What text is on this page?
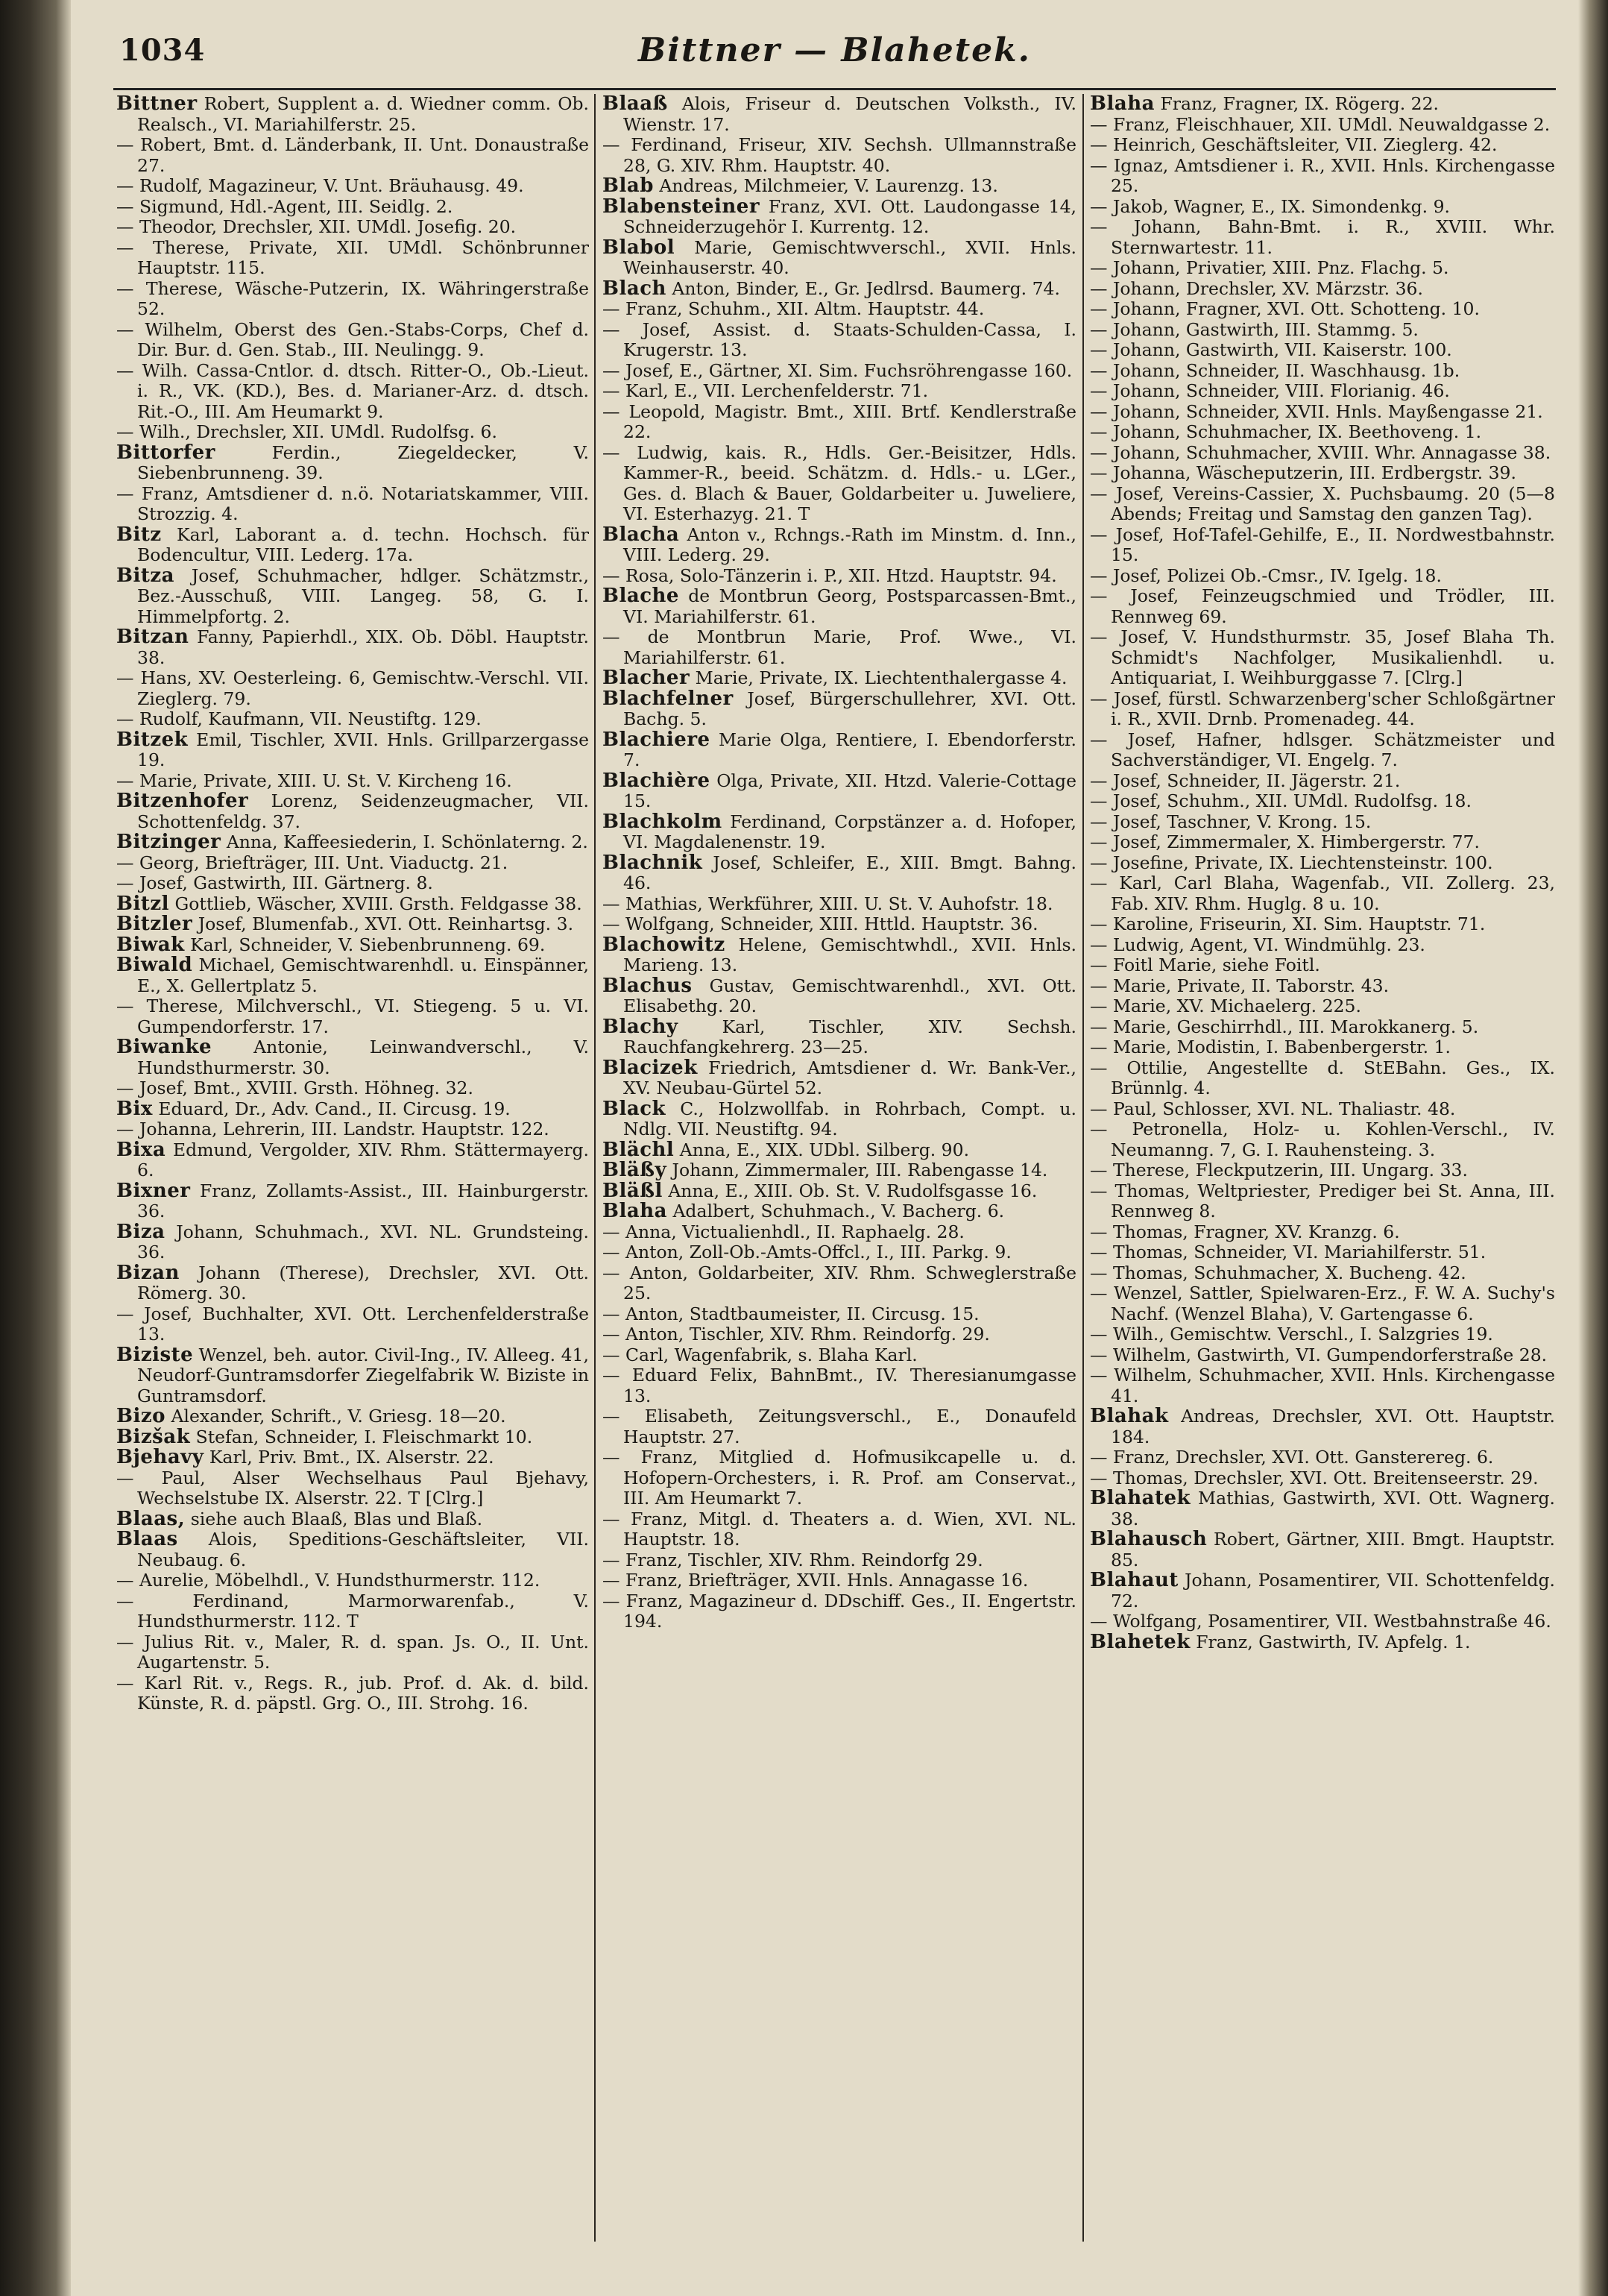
1034	Bittner — Blahetek.

Bittner Robert, Supplent a. d. Wiedner comm. Ob. Realsch., VI. Mariahilferstr. 25.

— Robert, Bmt. d. Länderbank, II. Unt. Donaustraße 27.

— Rudolf, Magazineur, V. Unt. Bräuhausg. 49.

— Sigmund, Hdl.-Agent, III. Seidlg. 2.

— Theodor, Drechsler, XII. UMdl. Josefig. 20.

— Therese, Private, XII. UMdl. Schönbrunner Hauptstr. 115.

— Therese, Wäsche-Putzerin, IX. Währingerstraße 52.

— Wilhelm, Oberst des Gen.-Stabs-Corps, Chef d. Dir. Bur. d. Gen. Stab., III. Neulingg. 9.

— Wilh. Cassa-Cntlor. d. dtsch. Ritter-O., Ob.-Lieut. i. R., VK. (KD.), Bes. d. Marianer-Arz. d. dtsch. Rit.-O., III. Am Heumarkt 9.

— Wilh., Drechsler, XII. UMdl. Rudolfsg. 6.

Bittorfer	Ferdin., Ziegeldecker, V. Siebenbrunneng. 39.

— Franz, Amtsdiener d. n.ö. Notariatskammer, VIII. Strozzig. 4.

Bitz Karl, Laborant a. d. techn. Hochsch. für Bodencultur, VIII. Lederg. 17a.

Bitza Josef, Schuhmacher, hdlger. Schätzmstr., Bez.-Ausschuß, VIII. Langeg. 58, G. I. Himmelpfortg. 2.

Bitzan Fanny, Papierhdl., XIX. Ob. Döbl. Hauptstr. 38.

— Hans, XV. Oesterleing. 6, Gemischtw.-Verschl. VII. Zieglerg. 79.

— Rudolf, Kaufmann, VII. Neustiftg. 129.

Bitzek Emil, Tischler, XVII. Hnls. Grillparzergasse 19.

— Marie, Private, XIII. U. St. V. Kircheng 16.

Bitzenhofer Lorenz, Seidenzeugmacher, VII. Schottenfeldg. 37.

Bitzinger Anna, Kaffeesiederin, I. Schönlaterng. 2.

— Georg, Briefträger, III. Unt. Viaductg. 21.

— Josef, Gastwirth, III. Gärtnerg. 8.

Bitzl Gottlieb, Wäscher, XVIII. Grsth. Feldgasse 38.

Bitzler Josef, Blumenfab., XVI. Ott. Reinhartsg. 3.

Biwak Karl, Schneider, V. Siebenbrunneng. 69.

Biwald Michael, Gemischtwarenhdl. u. Einspänner, E., X. Gellertplatz 5.

— Therese, Milchverschl., VI. Stiegeng. 5 u. VI. Gumpendorferstr. 17.

Biwanke Antonie, Leinwandverschl., V. Hundsthurmerstr. 30.

— Josef, Bmt., XVIII. Grsth. Höhneg. 32.

Bix Eduard, Dr., Adv. Cand., II. Circusg. 19.

— Johanna, Lehrerin, III. Landstr. Hauptstr. 122.

Bixa Edmund, Vergolder, XIV. Rhm. Stättermayerg. 6.

Bixner Franz, Zollamts-Assist., III. Hainburgerstr. 36.

Biza Johann, Schuhmach., XVI. NL. Grundsteing. 36.

Bizan Johann (Therese), Drechsler, XVI. Ott. Römerg. 30.

— Josef, Buchhalter, XVI. Ott. Lerchenfelderstraße 13.

Biziste Wenzel, beh. autor. Civil-Ing., IV. Alleeg. 41, Neudorf-Guntramsdorfer Ziegelfabrik W. Biziste in Guntramsdorf.

Bizo Alexander, Schrift., V. Griesg. 18—20.

Bizšak Stefan, Schneider, I. Fleischmarkt 10.

Bjehavy Karl, Priv. Bmt., IX. Alserstr. 22.

— Paul, Alser Wechselhaus Paul Bjehavy, Wechselstube IX. Alserstr. 22. T [Clrg.]

Blaas, siehe auch Blaaß, Blas und Blaß.

Blaas Alois, Speditions-Geschäftsleiter, VII. Neubaug. 6.

— Aurelie, Möbelhdl., V. Hundsthurmerstr. 112.

— Ferdinand, Marmorwarenfab., V. Hundsthurmerstr. 112. T

— Julius Rit. v., Maler, R. d. span. Js. O., II. Unt. Augartenstr. 5.

— Karl Rit. v., Regs. R., jub. Prof. d. Ak. d. bild. Künste, R. d. päpstl. Grg. O., III. Strohg. 16.

Blaaß Alois, Friseur d. Deutschen Volksth., IV. Wienstr. 17.

— Ferdinand, Friseur, XIV. Sechsh. Ullmannstraße 28, G. XIV. Rhm. Hauptstr. 40.

Blab Andreas, Milchmeier, V. Laurenzg. 13.

Blabensteiner Franz, XVI. Ott. Laudongasse 14, Schneiderzugehör I. Kurrentg. 12.

Blabol Marie, Gemischtwverschl., XVII. Hnls. Weinhauserstr. 40.

Blach Anton, Binder, E., Gr. Jedlrsd. Baumerg. 74.

— Franz, Schuhm., XII. Altm. Hauptstr. 44.

— Josef, Assist. d. Staats-Schulden-Cassa, I. Krugerstr. 13.

— Josef, E., Gärtner, XI. Sim. Fuchsröhrengasse 160.

— Karl, E., VII. Lerchenfelderstr. 71.

— Leopold, Magistr. Bmt., XIII. Brtf. Kendlerstraße 22.

— Ludwig, kais. R., Hdls. Ger.-Beisitzer, Hdls. Kammer-R., beeid. Schätzm. d. Hdls.- u. LGer., Ges. d. Blach & Bauer, Goldarbeiter u. Juweliere, VI. Esterhazyg. 21. T

Blacha Anton v., Rchngs.-Rath im Minstm. d. Inn., VIII. Lederg. 29.

— Rosa, Solo-Tänzerin i. P., XII. Htzd. Hauptstr. 94.

Blache de Montbrun Georg, Postsparcassen-Bmt., VI. Mariahilferstr. 61.

— de Montbrun Marie, Prof. Wwe., VI. Mariahilferstr. 61.

Blacher Marie, Private, IX. Liechtenthalergasse 4.

Blachfelner Josef, Bürgerschullehrer, XVI. Ott. Bachg. 5.

Blachiere Marie Olga, Rentiere, I. Ebendorferstr. 7.

Blachière Olga, Private, XII. Htzd. Valerie-Cottage 15.

Blachkolm Ferdinand, Corpstänzer a. d. Hofoper, VI. Magdalenenstr. 19.

Blachnik Josef, Schleifer, E., XIII. Bmgt. Bahng. 46.

— Mathias, Werkführer, XIII. U. St. V. Auhofstr. 18.

— Wolfgang, Schneider, XIII. Httld. Hauptstr. 36.

Blachowitz Helene, Gemischtwhdl., XVII. Hnls. Marieng. 13.

Blachus Gustav, Gemischtwarenhdl., XVI. Ott. Elisabethg. 20.

Blachy	Karl, Tischler, XIV. Sechsh. Rauchfangkehrerg. 23—25.

Blacizek Friedrich, Amtsdiener d. Wr. Bank-Ver., XV. Neubau-Gürtel 52.

Black C., Holzwollfab. in Rohrbach, Compt. u. Ndlg. VII. Neustiftg. 94.

Blächl Anna, E., XIX. UDbl. Silberg. 90.

Bläßy Johann, Zimmermaler, III. Rabengasse 14.

Bläßl Anna, E., XIII. Ob. St. V. Rudolfsgasse 16.

Blaha Adalbert, Schuhmach., V. Bacherg. 6.

— Anna, Victualienhdl., II. Raphaelg. 28.

— Anton, Zoll-Ob.-Amts-Offcl., I., III. Parkg. 9.

— Anton, Goldarbeiter, XIV. Rhm. Schweglerstraße 25.

— Anton, Stadtbaumeister, II. Circusg. 15.

— Anton, Tischler, XIV. Rhm. Reindorfg. 29.

— Carl, Wagenfabrik, s. Blaha Karl.

— Eduard Felix, BahnBmt., IV. Theresianumgasse 13.

— Elisabeth, Zeitungsverschl., E., Donaufeld Hauptstr. 27.

— Franz, Mitglied d. Hofmusikcapelle u. d. Hofopern-Orchesters, i. R. Prof. am Conservat., III. Am Heumarkt 7.

— Franz, Mitgl. d. Theaters a. d. Wien, XVI. NL. Hauptstr. 18.

— Franz, Tischler, XIV. Rhm. Reindorfg 29.

— Franz, Briefträger, XVII. Hnls. Annagasse 16.

— Franz, Magazineur d. DDschiff. Ges., II. Engertstr. 194.

Blaha Franz, Fragner, IX. Rögerg. 22.

— Franz, Fleischhauer, XII. UMdl. Neuwaldgasse 2.

— Heinrich, Geschäftsleiter, VII. Zieglerg. 42.

— Ignaz, Amtsdiener i. R., XVII. Hnls. Kirchengasse 25.

— Jakob, Wagner, E., IX. Simondenkg. 9.

— Johann, Bahn-Bmt. i. R., XVIII. Whr. Sternwartestr. 11.

— Johann, Privatier, XIII. Pnz. Flachg. 5.

— Johann, Drechsler, XV. Märzstr. 36.

— Johann, Fragner, XVI. Ott. Schotteng. 10.

— Johann, Gastwirth, III. Stammg. 5.

— Johann, Gastwirth, VII. Kaiserstr. 100.

— Johann, Schneider, II. Waschhausg. 1b.

— Johann, Schneider, VIII. Florianig. 46.

— Johann, Schneider, XVII. Hnls. Mayßengasse 21.

— Johann, Schuhmacher, IX. Beethoveng. 1.

— Johann, Schuhmacher, XVIII. Whr. Annagasse 38.

— Johanna, Wäscheputzerin, III. Erdbergstr. 39.

— Josef, Vereins-Cassier, X. Puchsbaumg. 20 (5—8 Abends; Freitag und Samstag den ganzen Tag).

— Josef, Hof-Tafel-Gehilfe, E., II. Nordwestbahnstr. 15.

— Josef, Polizei Ob.-Cmsr., IV. Igelg. 18.

— Josef, Feinzeugschmied und Trödler, III. Rennweg 69.

— Josef, V. Hundsthurmstr. 35, Josef Blaha Th. Schmidt's Nachfolger, Musikalienhdl. u. Antiquariat, I. Weihburggasse 7. [Clrg.]

— Josef, fürstl. Schwarzenberg'scher Schloßgärtner i. R., XVII. Drnb. Promenadeg. 44.

— Josef, Hafner, hdlsger. Schätzmeister und Sachverständiger, VI. Engelg. 7.

— Josef, Schneider, II. Jägerstr. 21.

— Josef, Schuhm., XII. UMdl. Rudolfsg. 18.

— Josef, Taschner, V. Krong. 15.

— Josef, Zimmermaler, X. Himbergerstr. 77.

— Josefine, Private, IX. Liechtensteinstr. 100.

— Karl, Carl Blaha, Wagenfab., VII. Zollerg. 23, Fab. XIV. Rhm. Huglg. 8 u. 10.

— Karoline, Friseurin, XI. Sim. Hauptstr. 71.

— Ludwig, Agent, VI. Windmühlg. 23.

— Foitl Marie, siehe Foitl.

— Marie, Private, II. Taborstr. 43.

— Marie, XV. Michaelerg. 225.

— Marie, Geschirrhdl., III. Marokkanerg. 5.

— Marie, Modistin, I. Babenbergerstr. 1.

— Ottilie, Angestellte d. StEBahn. Ges., IX. Brünnlg. 4.

— Paul, Schlosser, XVI. NL. Thaliastr. 48.

— Petronella, Holz- u. Kohlen-Verschl., IV. Neumanng. 7, G. I. Rauhensteing. 3.

— Therese, Fleckputzerin, III. Ungarg. 33.

— Thomas, Weltpriester, Prediger bei St. Anna, III. Rennweg 8.

— Thomas, Fragner, XV. Kranzg. 6.

— Thomas, Schneider, VI. Mariahilferstr. 51.

— Thomas, Schuhmacher, X. Bucheng. 42.

— Wenzel, Sattler, Spielwaren-Erz., F. W. A. Suchy's Nachf. (Wenzel Blaha), V. Gartengasse 6.

— Wilh., Gemischtw. Verschl., I. Salzgries 19.

— Wilhelm, Gastwirth, VI. Gumpendorferstraße 28.

— Wilhelm, Schuhmacher, XVII. Hnls. Kirchengasse 41.

Blahak Andreas, Drechsler, XVI. Ott. Hauptstr. 184.

— Franz, Drechsler, XVI. Ott. Gansterereg. 6.

— Thomas, Drechsler, XVI. Ott. Breitenseerstr. 29.

Blahatek Mathias, Gastwirth, XVI. Ott. Wagnerg. 38.

Blahausch Robert, Gärtner, XIII. Bmgt. Hauptstr. 85.

Blahaut Johann, Posamentirer, VII. Schottenfeldg. 72.

— Wolfgang, Posamentirer, VII. Westbahnstraße 46.

Blahetek Franz, Gastwirth, IV. Apfelg. 1.
